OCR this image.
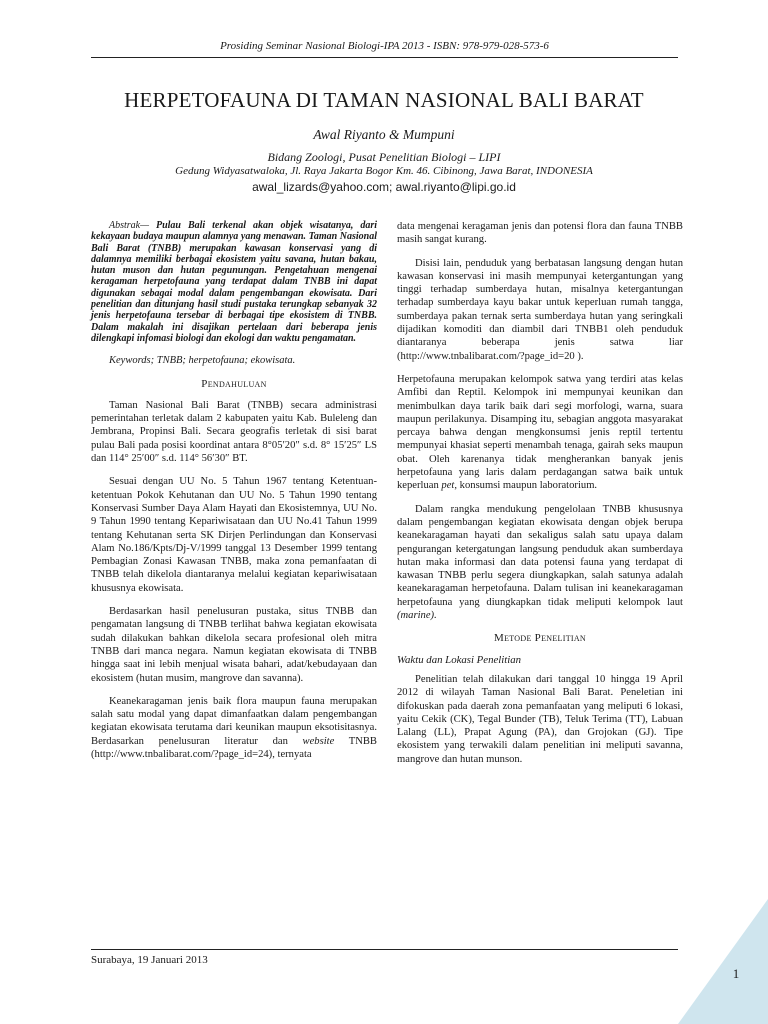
Prosiding Seminar Nasional Biologi-IPA 2013 - ISBN: 978-979-028-573-6
HERPETOFAUNA DI TAMAN NASIONAL BALI BARAT
Awal Riyanto & Mumpuni
Bidang Zoologi, Pusat Penelitian Biologi – LIPI
Gedung Widyasatwaloka, Jl. Raya Jakarta Bogor Km. 46. Cibinong, Jawa Barat, INDONESIA
awal_lizards@yahoo.com; awal.riyanto@lipi.go.id

Abstrak— Pulau Bali terkenal akan objek wisatanya, dari kekayaan budaya maupun alamnya yang menawan. Taman Nasional Bali Barat (TNBB) merupakan kawasan konservasi yang di dalamnya memiliki berbagai ekosistem yaitu savana, hutan bakau, hutan muson dan hutan pegunungan. Pengetahuan mengenai keragaman herpetofauna yang terdapat dalam TNBB ini dapat digunakan sebagai modal dalam pengembangan ekowisata. Dari penelitian dan ditunjang hasil studi pustaka terungkap sebanyak 32 jenis herpetofauna tersebar di berbagai tipe ekosistem di TNBB. Dalam makalah ini disajikan pertelaan dari beberapa jenis dilengkapi infomasi biologi dan ekologi dan waktu pengamatan.

Keywords; TNBB; herpetofauna; ekowisata.

Pendahuluan

Taman Nasional Bali Barat (TNBB) secara administrasi pemerintahan terletak dalam 2 kabupaten yaitu Kab. Buleleng dan Jembrana, Propinsi Bali. Secara geografis terletak di sisi barat pulau Bali pada posisi koordinat antara 8°05′20″ s.d. 8° 15′25″ LS dan 114° 25′00″ s.d. 114° 56′30″ BT.

Sesuai dengan UU No. 5 Tahun 1967 tentang Ketentuan-ketentuan Pokok Kehutanan dan UU No. 5 Tahun 1990 tentang Konservasi Sumber Daya Alam Hayati dan Ekosistemnya, UU No. 9 Tahun 1990 tentang Kepariwisataan dan UU No.41 Tahun 1999 tentang Kehutanan serta SK Dirjen Perlindungan dan Konservasi Alam No.186/Kpts/Dj-V/1999 tanggal 13 Desember 1999 tentang Pembagian Zonasi Kawasan TNBB, maka zona pemanfaatan di TNBB telah dikelola diantaranya melalui kegiatan kepariwisataan khususnya ekowisata.

Berdasarkan hasil penelusuran pustaka, situs TNBB dan pengamatan langsung di TNBB terlihat bahwa kegiatan ekowisata sudah dilakukan bahkan dikelola secara profesional oleh mitra TNBB dari manca negara. Namun kegiatan ekowisata di TNBB hingga saat ini lebih menjual wisata bahari, adat/kebudayaan dan ekosistem (hutan musim, mangrove dan savanna).

Keanekaragaman jenis baik flora maupun fauna merupakan salah satu modal yang dapat dimanfaatkan dalam pengembangan kegiatan ekowisata terutama dari keunikan maupun eksotisitasnya. Berdasarkan penelusuran literatur dan website TNBB (http://www.tnbalibarat.com/?page_id=24), ternyata

data mengenai keragaman jenis dan potensi flora dan fauna TNBB masih sangat kurang.

Disisi lain, penduduk yang berbatasan langsung dengan hutan kawasan konservasi ini masih mempunyai ketergantungan yang tinggi terhadap sumberdaya hutan, misalnya ketergantungan terhadap sumberdaya kayu bakar untuk keperluan rumah tangga, sumberdaya pakan ternak serta sumberdaya hutan yang seringkali dijadikan komoditi dan diambil dari TNBB1 oleh penduduk diantaranya beberapa jenis satwa liar (http://www.tnbalibarat.com/?page_id=20 ).

Herpetofauna merupakan kelompok satwa yang terdiri atas kelas Amfibi dan Reptil. Kelompok ini mempunyai keunikan dan menimbulkan daya tarik baik dari segi morfologi, warna, suara maupun perilakunya. Disamping itu, sebagian anggota masyarakat percaya bahwa dengan mengkonsumsi jenis reptil tertentu mempunyai khasiat seperti menambah tenaga, gairah seks maupun obat. Oleh karenanya tidak mengherankan banyak jenis herpetofauna yang laris dalam perdagangan satwa baik untuk keperluan pet, konsumsi maupun laboratorium.

Dalam rangka mendukung pengelolaan TNBB khususnya dalam pengembangan kegiatan ekowisata dengan objek berupa keanekaragaman hayati dan sekaligus salah satu upaya dalam pengurangan ketergatungan langsung penduduk akan sumberdaya hutan maka informasi dan data potensi fauna yang terdapat di kawasan TNBB perlu segera diungkapkan, salah satunya adalah keanekaragaman herpetofauna. Dalam tulisan ini keanekaragaman herpetofauna yang diungkapkan tidak meliputi kelompok laut (marine).

Metode Penelitian
Waktu dan Lokasi Penelitian

Penelitian telah dilakukan dari tanggal 10 hingga 19 April 2012 di wilayah Taman Nasional Bali Barat. Peneletian ini difokuskan pada daerah zona pemanfaatan yang meliputi 6 lokasi, yaitu Cekik (CK), Tegal Bunder (TB), Teluk Terima (TT), Labuan Lalang (LL), Prapat Agung (PA), dan Grojokan (GJ). Tipe ekosistem yang terwakili dalam penelitian ini meliputi savanna, mangrove dan hutan munson.

Surabaya, 19 Januari 2013
1
